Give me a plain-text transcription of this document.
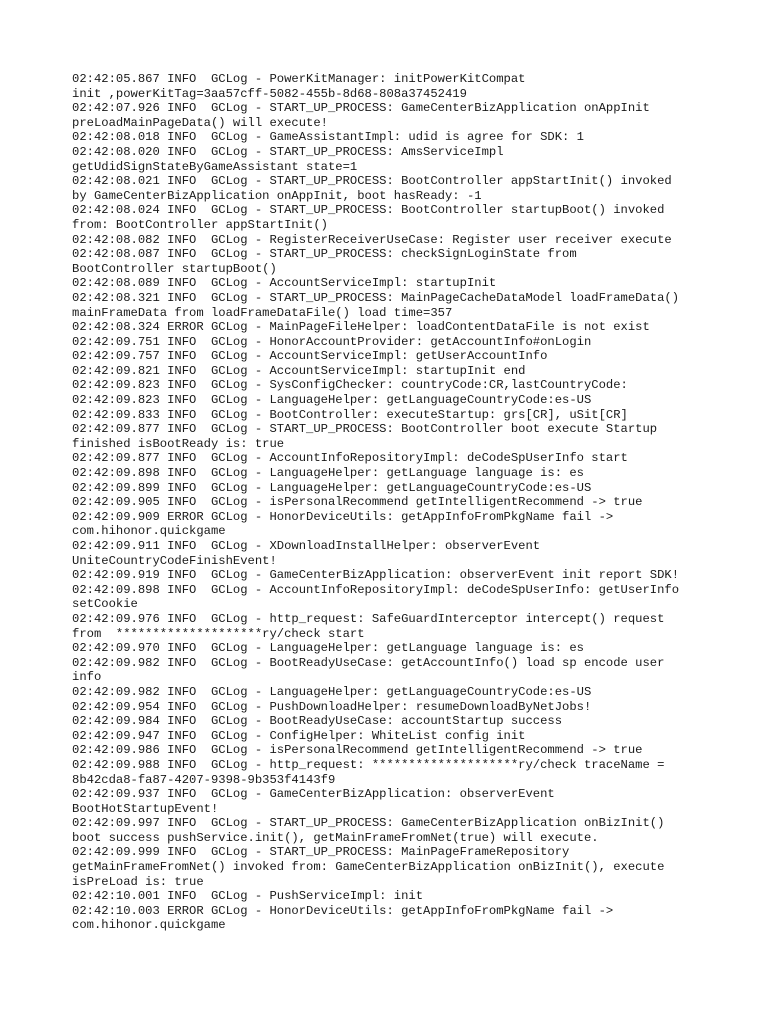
02:42:05.867 INFO  GCLog - PowerKitManager: initPowerKitCompat
init ,powerKitTag=3aa57cff-5082-455b-8d68-808a37452419
02:42:07.926 INFO  GCLog - START_UP_PROCESS: GameCenterBizApplication onAppInit
preLoadMainPageData() will execute!
02:42:08.018 INFO  GCLog - GameAssistantImpl: udid is agree for SDK: 1
02:42:08.020 INFO  GCLog - START_UP_PROCESS: AmsServiceImpl
getUdidSignStateByGameAssistant state=1
02:42:08.021 INFO  GCLog - START_UP_PROCESS: BootController appStartInit() invoked
by GameCenterBizApplication onAppInit, boot hasReady: -1
02:42:08.024 INFO  GCLog - START_UP_PROCESS: BootController startupBoot() invoked
from: BootController appStartInit()
02:42:08.082 INFO  GCLog - RegisterReceiverUseCase: Register user receiver execute
02:42:08.087 INFO  GCLog - START_UP_PROCESS: checkSignLoginState from
BootController startupBoot()
02:42:08.089 INFO  GCLog - AccountServiceImpl: startupInit
02:42:08.321 INFO  GCLog - START_UP_PROCESS: MainPageCacheDataModel loadFrameData()
mainFrameData from loadFrameDataFile() load time=357
02:42:08.324 ERROR GCLog - MainPageFileHelper: loadContentDataFile is not exist
02:42:09.751 INFO  GCLog - HonorAccountProvider: getAccountInfo#onLogin
02:42:09.757 INFO  GCLog - AccountServiceImpl: getUserAccountInfo
02:42:09.821 INFO  GCLog - AccountServiceImpl: startupInit end
02:42:09.823 INFO  GCLog - SysConfigChecker: countryCode:CR,lastCountryCode:
02:42:09.823 INFO  GCLog - LanguageHelper: getLanguageCountryCode:es-US
02:42:09.833 INFO  GCLog - BootController: executeStartup: grs[CR], uSit[CR]
02:42:09.877 INFO  GCLog - START_UP_PROCESS: BootController boot execute Startup
finished isBootReady is: true
02:42:09.877 INFO  GCLog - AccountInfoRepositoryImpl: deCodeSpUserInfo start
02:42:09.898 INFO  GCLog - LanguageHelper: getLanguage language is: es
02:42:09.899 INFO  GCLog - LanguageHelper: getLanguageCountryCode:es-US
02:42:09.905 INFO  GCLog - isPersonalRecommend getIntelligentRecommend -> true
02:42:09.909 ERROR GCLog - HonorDeviceUtils: getAppInfoFromPkgName fail ->
com.hihonor.quickgame
02:42:09.911 INFO  GCLog - XDownloadInstallHelper: observerEvent
UniteCountryCodeFinishEvent!
02:42:09.919 INFO  GCLog - GameCenterBizApplication: observerEvent init report SDK!
02:42:09.898 INFO  GCLog - AccountInfoRepositoryImpl: deCodeSpUserInfo: getUserInfo
setCookie
02:42:09.976 INFO  GCLog - http_request: SafeGuardInterceptor intercept() request
from  ********************ry/check start
02:42:09.970 INFO  GCLog - LanguageHelper: getLanguage language is: es
02:42:09.982 INFO  GCLog - BootReadyUseCase: getAccountInfo() load sp encode user
info
02:42:09.982 INFO  GCLog - LanguageHelper: getLanguageCountryCode:es-US
02:42:09.954 INFO  GCLog - PushDownloadHelper: resumeDownloadByNetJobs!
02:42:09.984 INFO  GCLog - BootReadyUseCase: accountStartup success
02:42:09.947 INFO  GCLog - ConfigHelper: WhiteList config init
02:42:09.986 INFO  GCLog - isPersonalRecommend getIntelligentRecommend -> true
02:42:09.988 INFO  GCLog - http_request: ********************ry/check traceName =
8b42cda8-fa87-4207-9398-9b353f4143f9
02:42:09.937 INFO  GCLog - GameCenterBizApplication: observerEvent
BootHotStartupEvent!
02:42:09.997 INFO  GCLog - START_UP_PROCESS: GameCenterBizApplication onBizInit()
boot success pushService.init(), getMainFrameFromNet(true) will execute.
02:42:09.999 INFO  GCLog - START_UP_PROCESS: MainPageFrameRepository
getMainFrameFromNet() invoked from: GameCenterBizApplication onBizInit(), execute
isPreLoad is: true
02:42:10.001 INFO  GCLog - PushServiceImpl: init
02:42:10.003 ERROR GCLog - HonorDeviceUtils: getAppInfoFromPkgName fail ->
com.hihonor.quickgame
